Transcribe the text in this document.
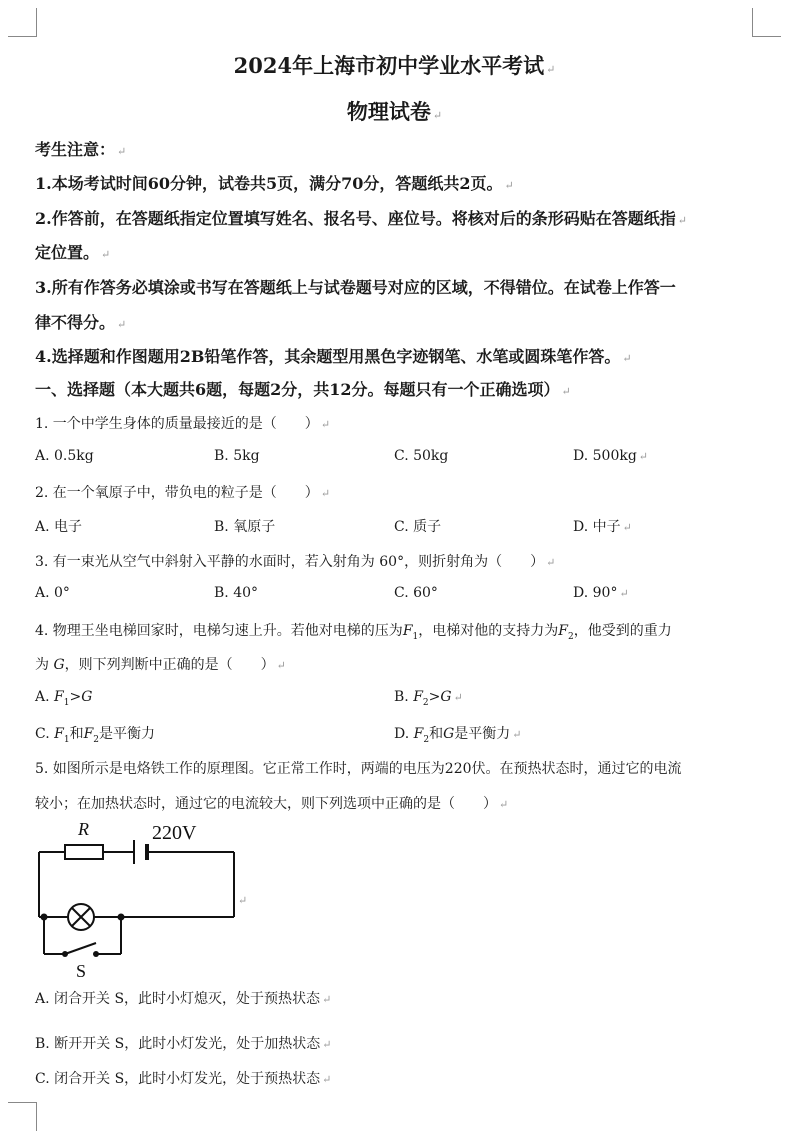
2024年上海市初中学业水平考试 ↵
物理试卷 ↵
考生注意： ↵
1.本场考试时间60分钟，试卷共5页，满分70分，答题纸共2页。 ↵
2.作答前，在答题纸指定位置填写姓名、报名号、座位号。将核对后的条形码贴在答题纸指 ↵
定位置。 ↵
3.所有作答务必填涂或书写在答题纸上与试卷题号对应的区域，不得错位。在试卷上作答一
律不得分。 ↵
4.选择题和作图题用2B铅笔作答，其余题型用黑色字迹钢笔、水笔或圆珠笔作答。 ↵
一、选择题（本大题共6题，每题2分，共12分。每题只有一个正确选项） ↵
1. 一个中学生身体的质量最接近的是（　　） ↵
A. 0.5kg	B. 5kg	C. 50kg	D. 500kg ↵
2. 在一个氧原子中，带负电的粒子是（　　） ↵
A. 电子	B. 氧原子	C. 质子	D. 中子 ↵
3. 有一束光从空气中斜射入平静的水面时，若入射角为 60°，则折射角为（　　） ↵
A. 0°	B. 40°	C. 60°	D. 90° ↵
4. 物理王坐电梯回家时，电梯匀速上升。若他对电梯的压为$F_1$，电梯对他的支持力为$F_2$，他受到的重力
为 G，则下列判断中正确的是（　　） ↵
A. $F_1>G$	B. $F_2>G$ ↵
C. $F_1$和$F_2$是平衡力	D. $F_2$和G是平衡力 ↵
5. 如图所示是电烙铁工作的原理图。它正常工作时，两端的电压为220伏。在预热状态时，通过它的电流
较小；在加热状态时，通过它的电流较大，则下列选项中正确的是（　　） ↵
R	220V
S
↵
A. 闭合开关 S，此时小灯熄灭，处于预热状态 ↵
B. 断开开关 S，此时小灯发光，处于加热状态 ↵
C. 闭合开关 S，此时小灯发光，处于预热状态 ↵
